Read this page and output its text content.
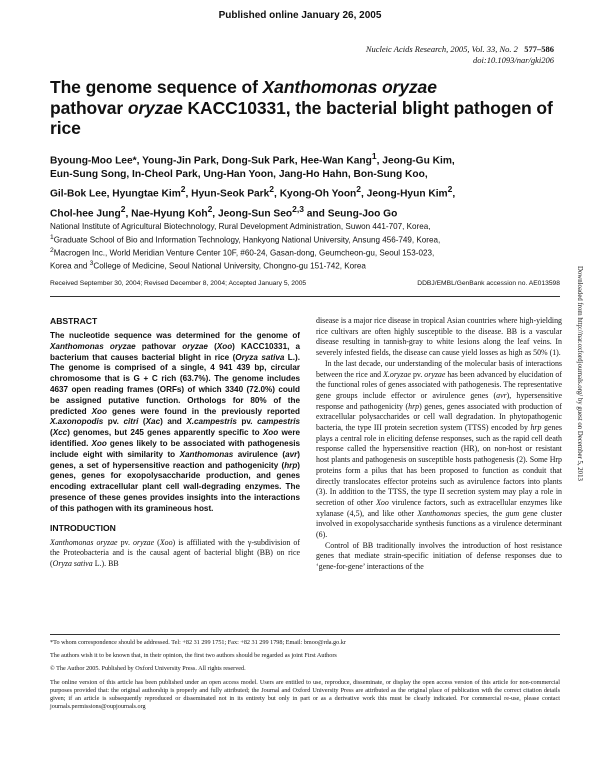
Published online January 26, 2005
Nucleic Acids Research, 2005, Vol. 33, No. 2 577–586
doi:10.1093/nar/gki206
The genome sequence of Xanthomonas oryzae
pathovar oryzae KACC10331, the bacterial blight pathogen of rice
Byoung-Moo Lee*, Young-Jin Park, Dong-Suk Park, Hee-Wan Kang$^1$, Jeong-Gu Kim,
Eun-Sung Song, In-Cheol Park, Ung-Han Yoon, Jang-Ho Hahn, Bon-Sung Koo,
Gil-Bok Lee, Hyungtae Kim$^2$, Hyun-Seok Park$^2$, Kyong-Oh Yoon$^2$, Jeong-Hyun Kim$^2$,
Chol-hee Jung$^2$, Nae-Hyung Koh$^2$, Jeong-Sun Seo$^{2,3}$ and Seung-Joo Go
National Institute of Agricultural Biotechnology, Rural Development Administration, Suwon 441-707, Korea,
$^1$Graduate School of Bio and Information Technology, Hankyong National University, Ansung 456-749, Korea,
$^2$Macrogen Inc., World Meridian Venture Center 10F, #60-24, Gasan-dong, Geumcheon-gu, Seoul 153-023,
Korea and $^3$College of Medicine, Seoul National University, Chongno-gu 151-742, Korea
Received September 30, 2004; Revised December 8, 2004; Accepted January 5, 2005	DDBJ/EMBL/GenBank accession no. AE013598
ABSTRACT

The nucleotide sequence was determined for the genome of Xanthomonas oryzae pathovar oryzae (Xoo) KACC10331, a bacterium that causes bacterial blight in rice (Oryza sativa L.). The genome is comprised of a single, 4 941 439 bp, circular chromosome that is G + C rich (63.7%). The genome includes 4637 open reading frames (ORFs) of which 3340 (72.0%) could be assigned putative function. Orthologs for 80% of the predicted Xoo genes were found in the previously reported X.axonopodis pv. citri (Xac) and X.campestris pv. campestris (Xcc) genomes, but 245 genes apparently specific to Xoo were identified. Xoo genes likely to be associated with pathogenesis include eight with similarity to Xanthomonas avirulence (avr) genes, a set of hypersensitive reaction and pathogenicity (hrp) genes, genes for exopolysaccharide production, and genes encoding extracellular plant cell wall-degrading enzymes. The presence of these genes provides insights into the interactions of this pathogen with its gramineous host.

INTRODUCTION

Xanthomonas oryzae pv. oryzae (Xoo) is affiliated with the γ-subdivision of the Proteobacteria and is the causal agent of bacterial blight (BB) on rice (Oryza sativa L.). BB

disease is a major rice disease in tropical Asian countries where high-yielding rice cultivars are often highly susceptible to the disease. BB is a vascular disease resulting in tannish-gray to white lesions along the leaf veins. In severely infested fields, the disease can cause yield losses as high as 50% (1).

In the last decade, our understanding of the molecular basis of interactions between the rice and X.oryzae pv. oryzae has been advanced by elucidation of the functional roles of genes associated with pathogenesis. The representative gene groups include effector or avirulence genes (avr), hypersensitive response and pathogenicity (hrp) genes, genes associated with production of extracellular polysaccharides or cell wall degradation. In phytopathogenic bacteria, the type III protein secretion system (TTSS) encoded by hrp genes plays a central role in eliciting defense responses, such as the rapid cell death response called the hypersensitive reaction (HR), on non-host or resistant host plants and pathogenesis on susceptible hosts pathogenesis (2). Some Hrp proteins form a pilus that has been proposed to function as conduit that directly translocates effector proteins such as avirulence factors into plants (3). In addition to the TTSS, the type II secretion system may play a role in secretion of other Xoo virulence factors, such as extracellular enzymes like xylanase (4,5), and like other Xanthomonas species, the gum gene cluster involved in exopolysaccharide synthesis functions as a virulence determinant (6).

Control of BB traditionally involves the introduction of host resistance genes that mediate strain-specific initiation of defense responses due to ‘gene-for-gene’ interactions of the

*To whom correspondence should be addressed. Tel: +82 31 299 1751; Fax: +82 31 299 1798; Email: bmoo@rda.go.kr

The authors wish it to be known that, in their opinion, the first two authors should be regarded as joint First Authors

© The Author 2005. Published by Oxford University Press. All rights reserved.

The online version of this article has been published under an open access model. Users are entitled to use, reproduce, disseminate, or display the open access version of this article for non-commercial purposes provided that: the original authorship is properly and fully attributed; the Journal and Oxford University Press are attributed as the original place of publication with the correct citation details given; if an article is subsequently reproduced or disseminated not in its entirety but only in part or as a derivative work this must be clearly indicated. For commercial re-use, please contact journals.permissions@oupjournals.org

Downloaded from http://nar.oxfordjournals.org/ by guest on December 5, 2013
